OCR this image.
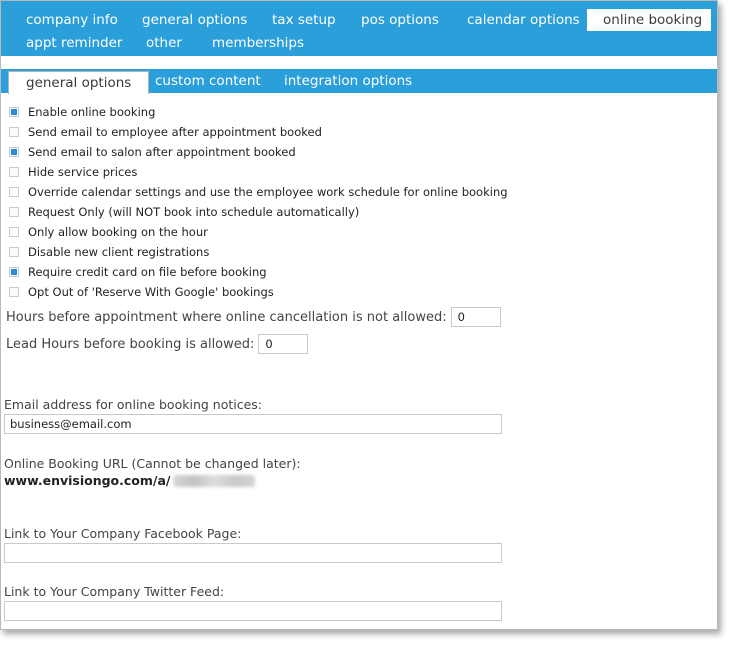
company info	general options	tax setup	pos options	calendar options	online booking
appt reminder	other	memberships
general options	custom content	integration options
Enable online booking
Send email to employee after appointment booked
Send email to salon after appointment booked
Hide service prices
Override calendar settings and use the employee work schedule for online booking
Request Only (will NOT book into schedule automatically)
Only allow booking on the hour
Disable new client registrations
Require credit card on file before booking
Opt Out of 'Reserve With Google' bookings
Hours before appointment where online cancellation is not allowed:
0
Lead Hours before booking is allowed:
0
Email address for online booking notices:
business@email.com
Online Booking URL (Cannot be changed later):
www.envisiongo.com/a/
Link to Your Company Facebook Page:
Link to Your Company Twitter Feed:
